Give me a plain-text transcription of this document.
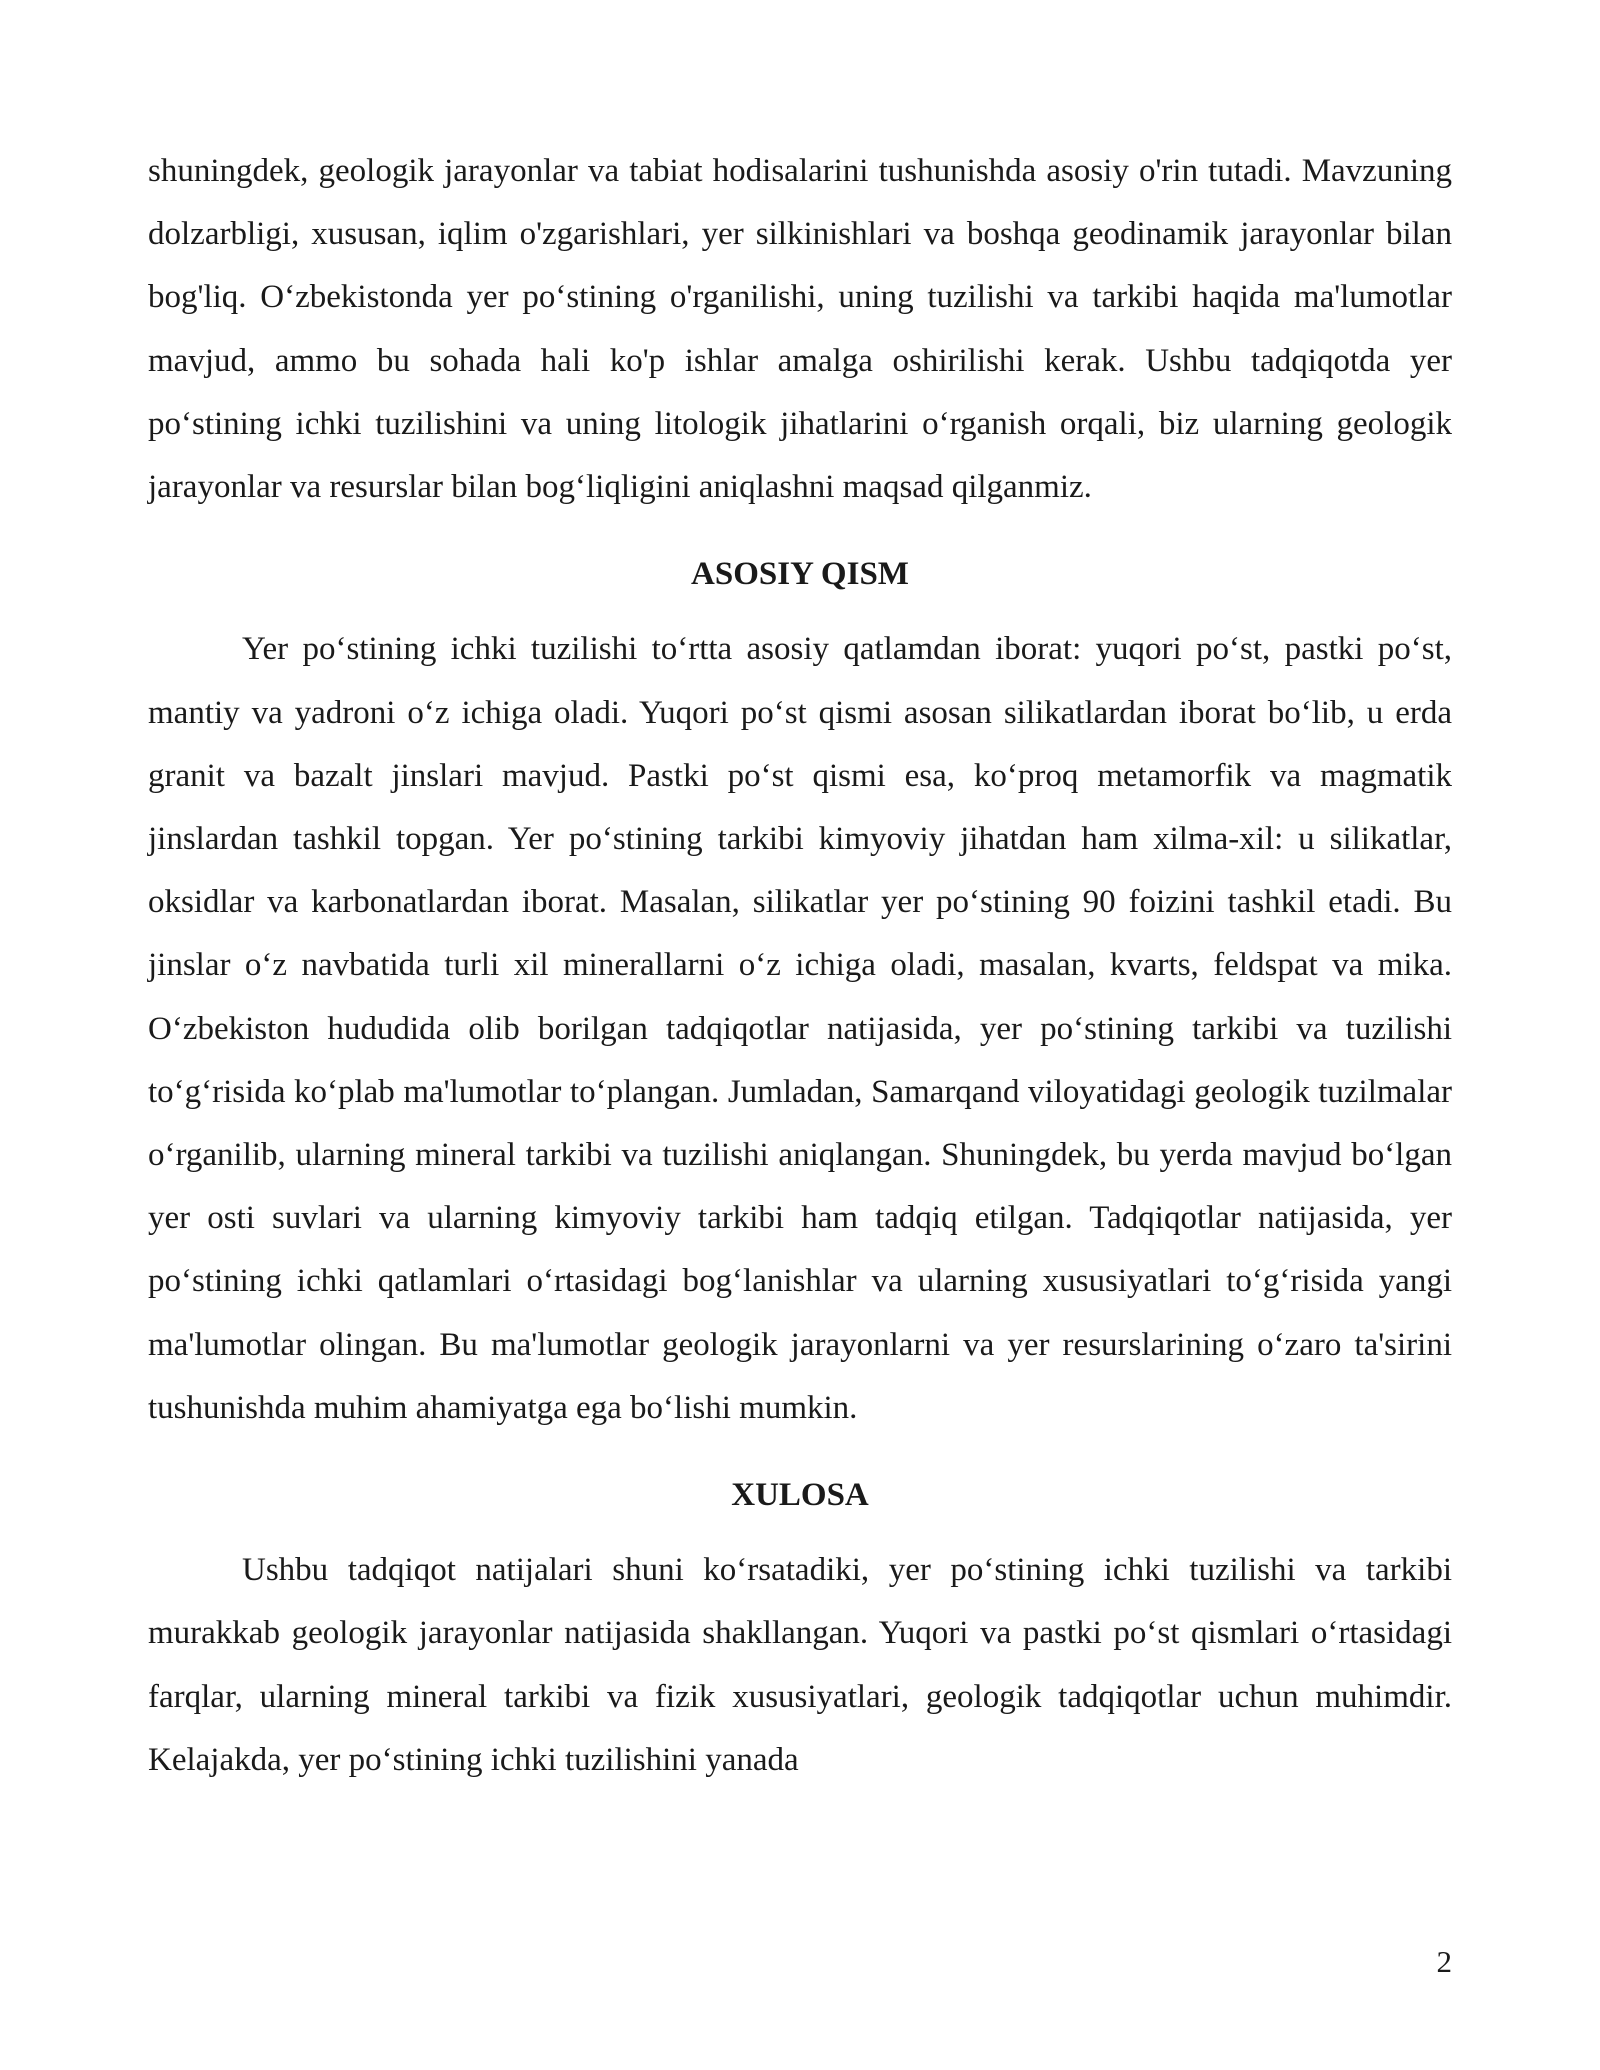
shuningdek, geologik jarayonlar va tabiat hodisalarini tushunishda asosiy o'rin tutadi. Mavzuning dolzarbligi, xususan, iqlim o'zgarishlari, yer silkinishlari va boshqa geodinamik jarayonlar bilan bog'liq. O‘zbekistonda yer po‘stining o'rganilishi, uning tuzilishi va tarkibi haqida ma'lumotlar mavjud, ammo bu sohada hali ko'p ishlar amalga oshirilishi kerak. Ushbu tadqiqotda yer po‘stining ichki tuzilishini va uning litologik jihatlarini o‘rganish orqali, biz ularning geologik jarayonlar va resurslar bilan bog‘liqligini aniqlashni maqsad qilganmiz.

ASOSIY QISM

Yer po‘stining ichki tuzilishi to‘rtta asosiy qatlamdan iborat: yuqori po‘st, pastki po‘st, mantiy va yadroni o‘z ichiga oladi. Yuqori po‘st qismi asosan silikatlardan iborat bo‘lib, u erda granit va bazalt jinslari mavjud. Pastki po‘st qismi esa, ko‘proq metamorfik va magmatik jinslardan tashkil topgan. Yer po‘stining tarkibi kimyoviy jihatdan ham xilma-xil: u silikatlar, oksidlar va karbonatlardan iborat. Masalan, silikatlar yer po‘stining 90 foizini tashkil etadi. Bu jinslar o‘z navbatida turli xil minerallarni o‘z ichiga oladi, masalan, kvarts, feldspat va mika. O‘zbekiston hududida olib borilgan tadqiqotlar natijasida, yer po‘stining tarkibi va tuzilishi to‘g‘risida ko‘plab ma'lumotlar to‘plangan. Jumladan, Samarqand viloyatidagi geologik tuzilmalar o‘rganilib, ularning mineral tarkibi va tuzilishi aniqlangan. Shuningdek, bu yerda mavjud bo‘lgan yer osti suvlari va ularning kimyoviy tarkibi ham tadqiq etilgan. Tadqiqotlar natijasida, yer po‘stining ichki qatlamlari o‘rtasidagi bog‘lanishlar va ularning xususiyatlari to‘g‘risida yangi ma'lumotlar olingan. Bu ma'lumotlar geologik jarayonlarni va yer resurslarining o‘zaro ta'sirini tushunishda muhim ahamiyatga ega bo‘lishi mumkin.

XULOSA

Ushbu tadqiqot natijalari shuni ko‘rsatadiki, yer po‘stining ichki tuzilishi va tarkibi murakkab geologik jarayonlar natijasida shakllangan. Yuqori va pastki po‘st qismlari o‘rtasidagi farqlar, ularning mineral tarkibi va fizik xususiyatlari, geologik tadqiqotlar uchun muhimdir. Kelajakda, yer po‘stining ichki tuzilishini yanada

2
